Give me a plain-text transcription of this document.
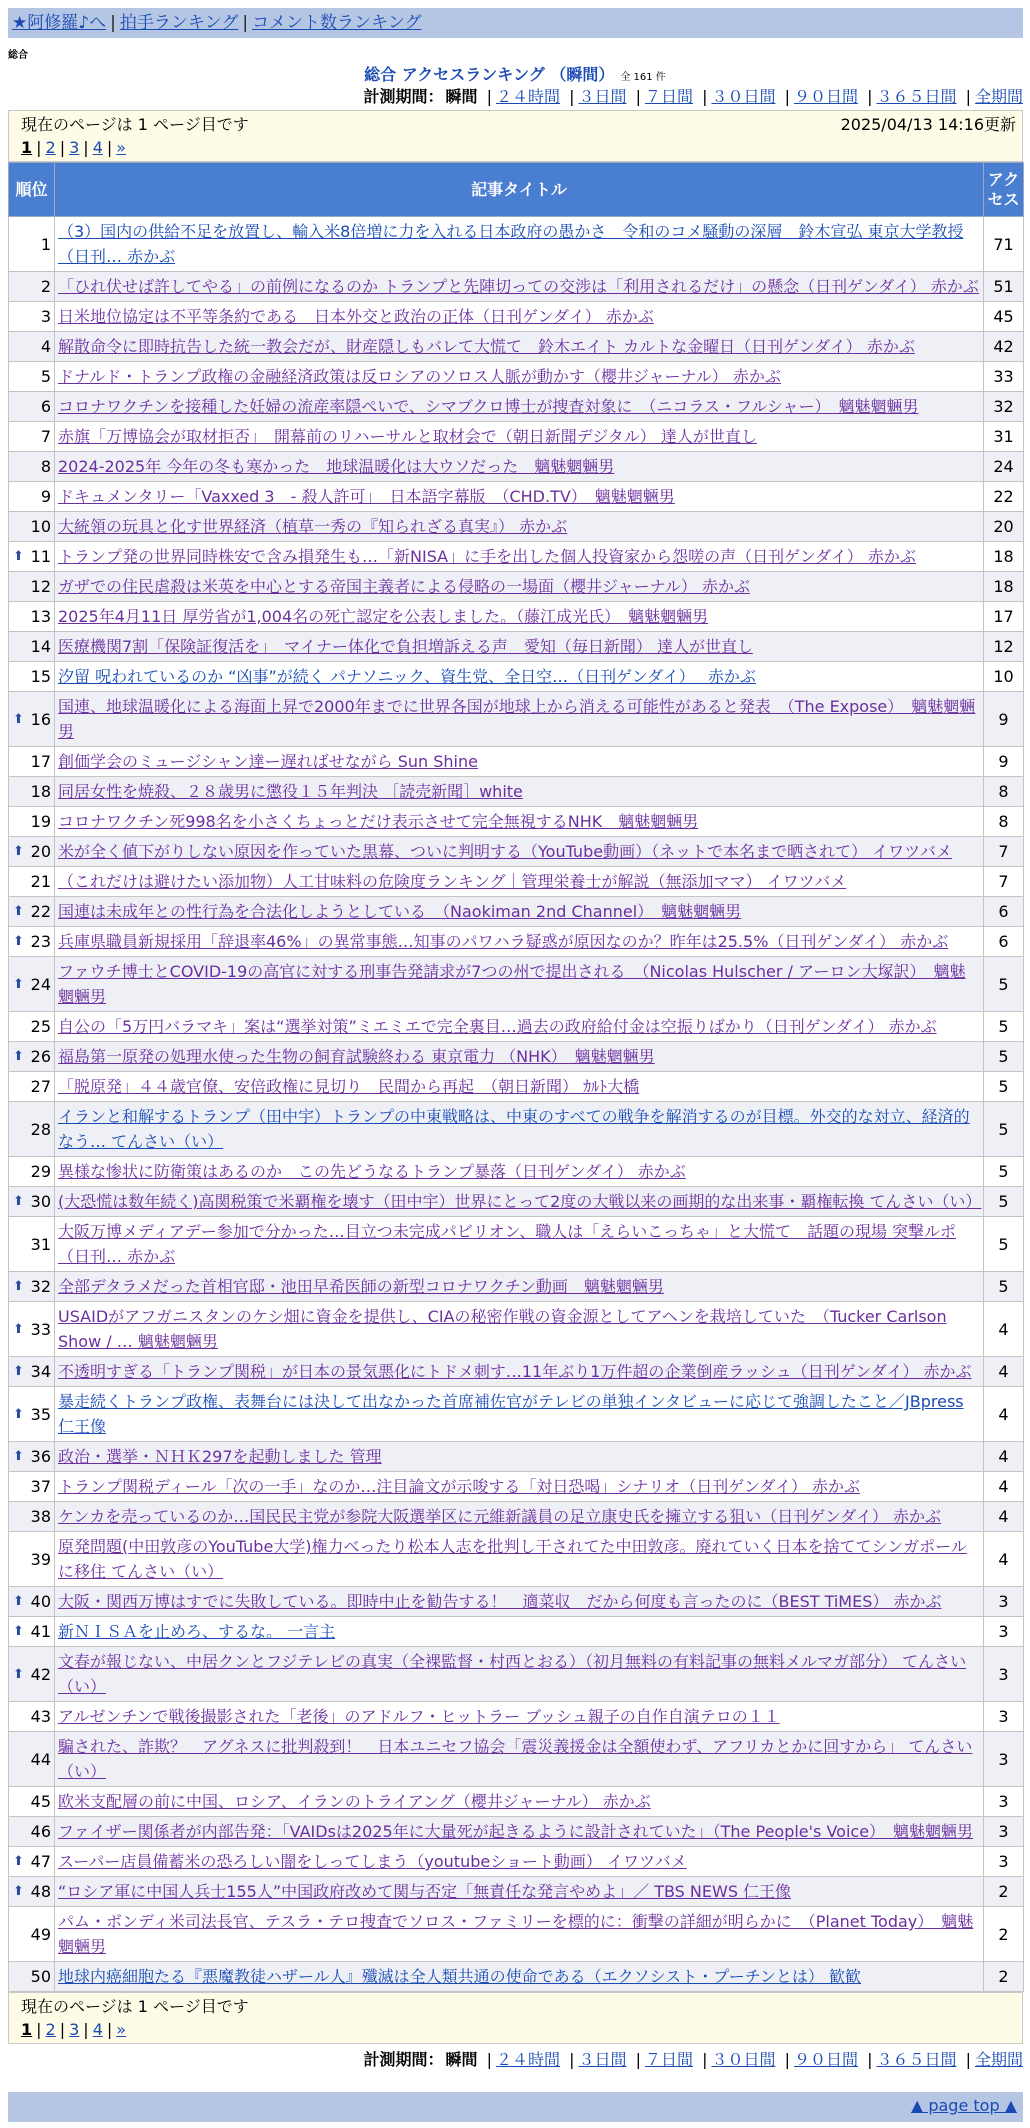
★阿修羅♪へ | 拍手ランキング | コメント数ランキング
総合
総合 アクセスランキング （瞬間） 全 161 件
計測期間： 瞬間 | ２４時間 | ３日間 | ７日間 | ３０日間 | ９０日間 | ３６５日間 | 全期間
現在のページは 1 ページ目です	2025/04/13 14:16更新
1 | 2 | 3 | 4 | »
順位	記事タイトル	アクセス
1	（3）国内の供給不足を放置し、輸入米8倍増に力を入れる日本政府の愚かさ　令和のコメ騒動の深層　鈴木宣弘 東京大学教授（日刊… 赤かぶ	71
2	「ひれ伏せば許してやる」の前例になるのか トランプと先陣切っての交渉は「利用されるだけ」の懸念（日刊ゲンダイ） 赤かぶ	51
3	日米地位協定は不平等条約である　日本外交と政治の正体（日刊ゲンダイ） 赤かぶ	45
4	解散命令に即時抗告した統一教会だが、財産隠しもバレて大慌て　鈴木エイト カルトな金曜日（日刊ゲンダイ） 赤かぶ	42
5	ドナルド・トランプ政権の金融経済政策は反ロシアのソロス人脈が動かす（櫻井ジャーナル） 赤かぶ	33
6	コロナワクチンを接種した妊婦の流産率隠ぺいで、シマブクロ博士が捜査対象に　（ニコラス・フルシャー）　魑魅魍魎男	32
7	赤旗「万博協会が取材拒否」　開幕前のリハーサルと取材会で（朝日新聞デジタル） 達人が世直し	31
8	2024-2025年 今年の冬も寒かった　地球温暖化は大ウソだった　魑魅魍魎男	24
9	ドキュメンタリー「Vaxxed 3　- 殺人許可」　日本語字幕版　（CHD.TV）　魑魅魍魎男	22
10	大統領の玩具と化す世界経済（植草一秀の『知られざる真実』） 赤かぶ	20

⬆ 11	トランプ発の世界同時株安で含み損発生も…「新NISA」に手を出した個人投資家から怨嗟の声（日刊ゲンダイ） 赤かぶ	18
12	ガザでの住民虐殺は米英を中心とする帝国主義者による侵略の一場面（櫻井ジャーナル） 赤かぶ	18
13	2025年4月11日 厚労省が1,004名の死亡認定を公表しました。（藤江成光氏）　魑魅魍魎男	17
14	医療機関7割「保険証復活を」　マイナー体化で負担増訴える声　愛知（毎日新聞） 達人が世直し	12
15	汐留 呪われているのか “凶事”が続く パナソニック、資生党、全日空…（日刊ゲンダイ）　 赤かぶ	10

⬆ 16	国連、地球温暖化による海面上昇で2000年までに世界各国が地球上から消える可能性があると発表　（The Expose）　魑魅魍魎男	9
17	創価学会のミュージシャン達ー遅ればせながら Sun Shine	9
18	同居女性を焼殺、２８歳男に懲役１５年判決 ［読売新聞］white	8
19	コロナワクチン死998名を小さくちょっとだけ表示させて完全無視するNHK　魑魅魍魎男	8

⬆ 20	米が全く値下がりしない原因を作っていた黒幕、ついに判明する（YouTube動画）（ネットで本名まで晒されて） イワツバメ	7
21	（これだけは避けたい添加物）人工甘味料の危険度ランキング｜管理栄養士が解説（無添加ママ） イワツバメ	7

⬆ 22	国連は未成年との性行為を合法化しようとしている　（Naokiman 2nd Channel）　魑魅魍魎男	6

⬆ 23	兵庫県職員新規採用「辞退率46%」の異常事態…知事のパワハラ疑惑が原因なのか？昨年は25.5%（日刊ゲンダイ） 赤かぶ	6

⬆ 24	ファウチ博士とCOVID-19の高官に対する刑事告発請求が7つの州で提出される　（Nicolas Hulscher / アーロン大塚訳）　魑魅魍魎男	5
25	自公の「5万円バラマキ」案は“選挙対策”ミエミエで完全裏目…過去の政府給付金は空振りばかり（日刊ゲンダイ） 赤かぶ	5

⬆ 26	福島第一原発の処理水使った生物の飼育試験終わる 東京電力 （NHK）　魑魅魍魎男	5
27	「脱原発」４４歳官僚、安倍政権に見切り　民間から再起　（朝日新聞） ｶﾙﾄ大橋	5
28	イランと和解するトランプ（田中宇）トランプの中東戦略は、中東のすべての戦争を解消するのが目標。外交的な対立、経済的なう… てんさい（い）	5
29	異様な惨状に防衛策はあるのか　この先どうなるトランプ暴落（日刊ゲンダイ） 赤かぶ	5

⬆ 30	(大恐慌は数年続く)高関税策で米覇権を壊す（田中宇）世界にとって2度の大戦以来の画期的な出来事・覇権転換 てんさい（い）	5
31	大阪万博メディアデー参加で分かった…目立つ未完成パビリオン、職人は「えらいこっちゃ」と大慌て　話題の現場 突撃ルポ（日刊… 赤かぶ	5

⬆ 32	全部デタラメだった首相官邸・池田早希医師の新型コロナワクチン動画　魑魅魍魎男	5

⬆ 33	USAIDがアフガニスタンのケシ畑に資金を提供し、CIAの秘密作戦の資金源としてアヘンを栽培していた　（Tucker Carlson Show / … 魑魅魍魎男	4

⬆ 34	不透明すぎる「トランプ関税」が日本の景気悪化にトドメ刺す…11年ぶり1万件超の企業倒産ラッシュ（日刊ゲンダイ） 赤かぶ	4

⬆ 35	暴走続くトランプ政権、表舞台には決して出なかった首席補佐官がテレビの単独インタビューに応じて強調したこと／JBpress 仁王像	4

⬆ 36	政治・選挙・ＮＨＫ297を起動しました 管理	4
37	トランプ関税ディール「次の一手」なのか…注目論文が示唆する「対日恐喝」シナリオ（日刊ゲンダイ） 赤かぶ	4
38	ケンカを売っているのか…国民民主党が参院大阪選挙区に元維新議員の足立康史氏を擁立する狙い（日刊ゲンダイ） 赤かぶ	4
39	原発問題(中田敦彦のYouTube大学)権力べったり松本人志を批判し干されてた中田敦彦。廃れていく日本を捨ててシンガポールに移住 てんさい（い）	4

⬆ 40	大阪・関西万博はすでに失敗している。即時中止を勧告する！　適菜収　だから何度も言ったのに（BEST TiMES） 赤かぶ	3

⬆ 41	新ＮＩＳＡを止めろ、するな。 一言主	3

⬆ 42	文春が報じない、中居クンとフジテレビの真実（全裸監督・村西とおる）（初月無料の有料記事の無料メルマガ部分） てんさい（い）	3
43	アルゼンチンで戦後撮影された「老後」のアドルフ・ヒットラー ブッシュ親子の自作自演テロの１１	3
44	騙された、詐欺？　アグネスに批判殺到！　日本ユニセフ協会「震災義援金は全額使わず、アフリカとかに回すから」 てんさい（い）	3
45	欧米支配層の前に中国、ロシア、イランのトライアング（櫻井ジャーナル） 赤かぶ	3
46	ファイザー関係者が内部告発：「VAIDsは2025年に大量死が起きるように設計されていた」（The People's Voice）　魑魅魍魎男	3

⬆ 47	スーパー店員備蓄米の恐ろしい闇をしってしまう（youtubeショート動画） イワツバメ	3

⬆ 48	“ロシア軍に中国人兵士155人”中国政府改めて関与否定「無責任な発言やめよ」／ TBS NEWS 仁王像	2
49	パム・ボンディ米司法長官、テスラ・テロ捜査でソロス・ファミリーを標的に：衝撃の詳細が明らかに　（Planet Today）　魑魅魍魎男	2
50	地球内癌細胞たる『悪魔教徒ハザール人』殲滅は全人類共通の使命である（エクソシスト・プーチンとは） 歓歓	2
現在のページは 1 ページ目です
1 | 2 | 3 | 4 | »
計測期間： 瞬間 | ２４時間 | ３日間 | ７日間 | ３０日間 | ９０日間 | ３６５日間 | 全期間
▲ page top ▲
